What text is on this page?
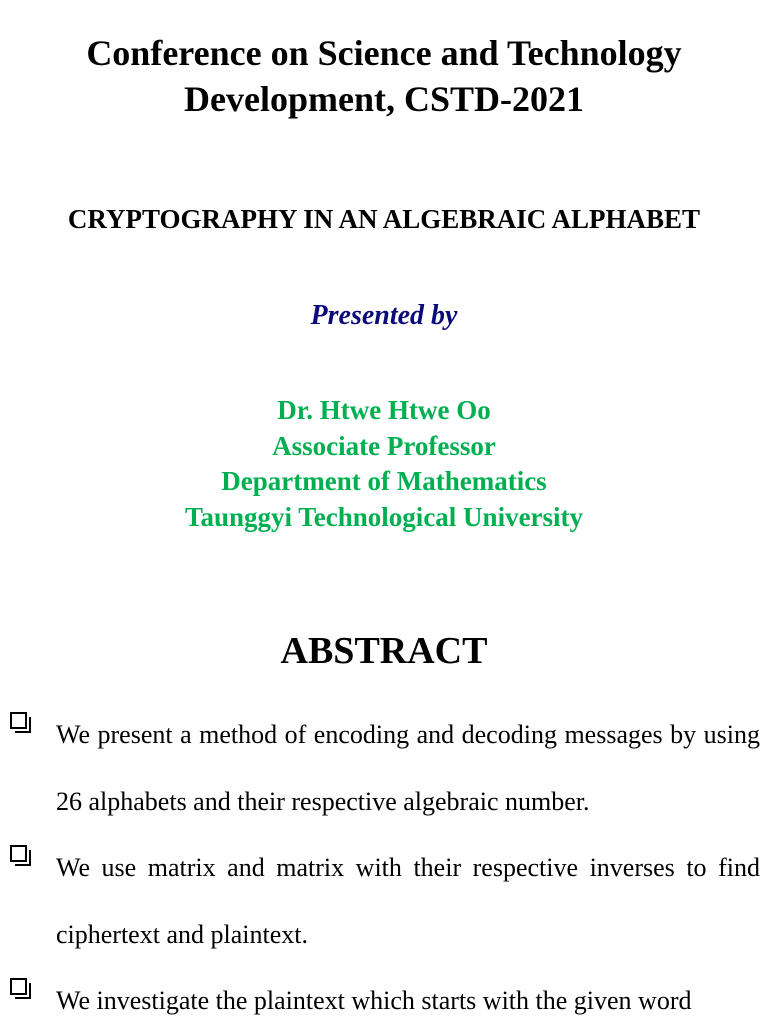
Conference on Science and Technology
Development, CSTD-2021
CRYPTOGRAPHY IN AN ALGEBRAIC ALPHABET
Presented by
Dr. Htwe Htwe Oo
Associate Professor
Department of Mathematics
Taunggyi Technological University
ABSTRACT
We present a method of encoding and decoding messages by using 26 alphabets and their respective algebraic number.
We use matrix and matrix with their respective inverses to find ciphertext and plaintext.
We investigate the plaintext which starts with the given word
